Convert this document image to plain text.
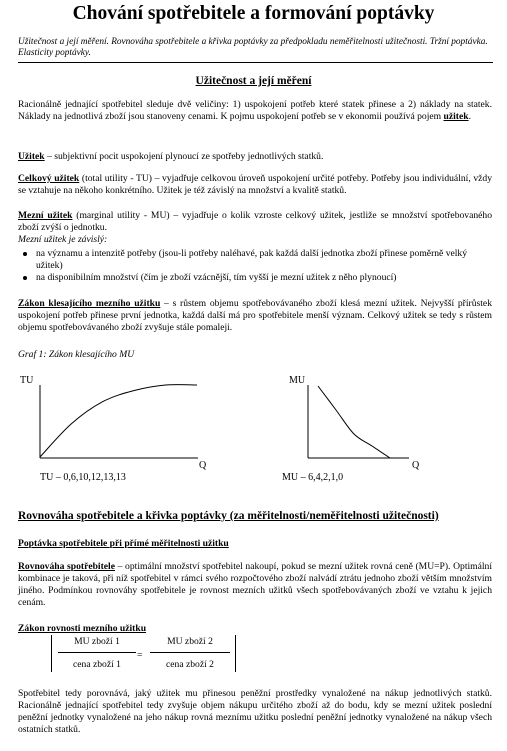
Chování spotřebitele a formování poptávky
Užitečnost a její měření. Rovnováha spotřebitele a křivka poptávky za předpokladu neměřitelnosti užitečnosti. Tržní poptávka. Elasticity poptávky.
Užitečnost a její měření
Racionálně jednající spotřebitel sleduje dvě veličiny: 1) uspokojení potřeb které statek přinese a 2) náklady na statek. Náklady na jednotlivá zboží jsou stanoveny cenami. K pojmu uspokojení potřeb se v ekonomii používá pojem užitek.
Užitek – subjektivní pocit uspokojení plynoucí ze spotřeby jednotlivých statků.
Celkový užitek (total utility - TU) – vyjadřuje celkovou úroveň uspokojení určité potřeby. Potřeby jsou individuální, vždy se vztahuje na někoho konkrétního. Užitek je též závislý na množství a kvalitě statků.
Mezní užitek (marginal utility - MU) – vyjadřuje o kolik vzroste celkový užitek, jestliže se množství spotřebovaného zboží zvýší o jednotku.
Mezní užitek je závislý:
na významu a intenzitě potřeby (jsou-li potřeby naléhavé, pak každá další jednotka zboží přinese poměrně velký užitek)
na disponibilním množství (čím je zboží vzácnější, tím vyšší je mezní užitek z něho plynoucí)
Zákon klesajícího mezního užitku – s růstem objemu spotřebovávaného zboží klesá mezní užitek. Nejvyšší přírůstek uspokojení potřeb přinese první jednotka, každá další má pro spotřebitele menší význam. Celkový užitek se tedy s růstem objemu spotřebovávaného zboží zvyšuje stále pomaleji.
Graf 1: Zákon klesajícího MU
TU
Q
TU – 0,6,10,12,13,13
MU
Q
MU – 6,4,2,1,0
Rovnováha spotřebitele a křivka poptávky (za měřitelnosti/neměřitelnosti užitečnosti)
Poptávka spotřebitele při přímé měřitelnosti užitku
Rovnováha spotřebitele – optimální množství spotřebitel nakoupí, pokud se mezní užitek rovná ceně (MU=P). Optimální kombinace je taková, při níž spotřebitel v rámci svého rozpočtového zboží nalvádí ztrátu jednoho zboží větším množstvím jiného. Podmínkou rovnováhy spotřebitele je rovnost mezních užitků všech spotřebovávaných zboží ve vztahu k jejich cenám.
Zákon rovnosti mezního užitku
MU zboží 1
cena zboží 1
=
MU zboží 2
cena zboží 2
Spotřebitel tedy porovnává, jaký užitek mu přinesou peněžní prostředky vynaložené na nákup jednotlivých statků. Racionálně jednající spotřebitel tedy zvyšuje objem nákupu určitého zboží až do bodu, kdy se mezní užitek poslední peněžní jednotky vynaložené na jeho nákup rovná meznímu užitku poslední peněžní jednotky vynaložené na nákup všech ostatních statků.
